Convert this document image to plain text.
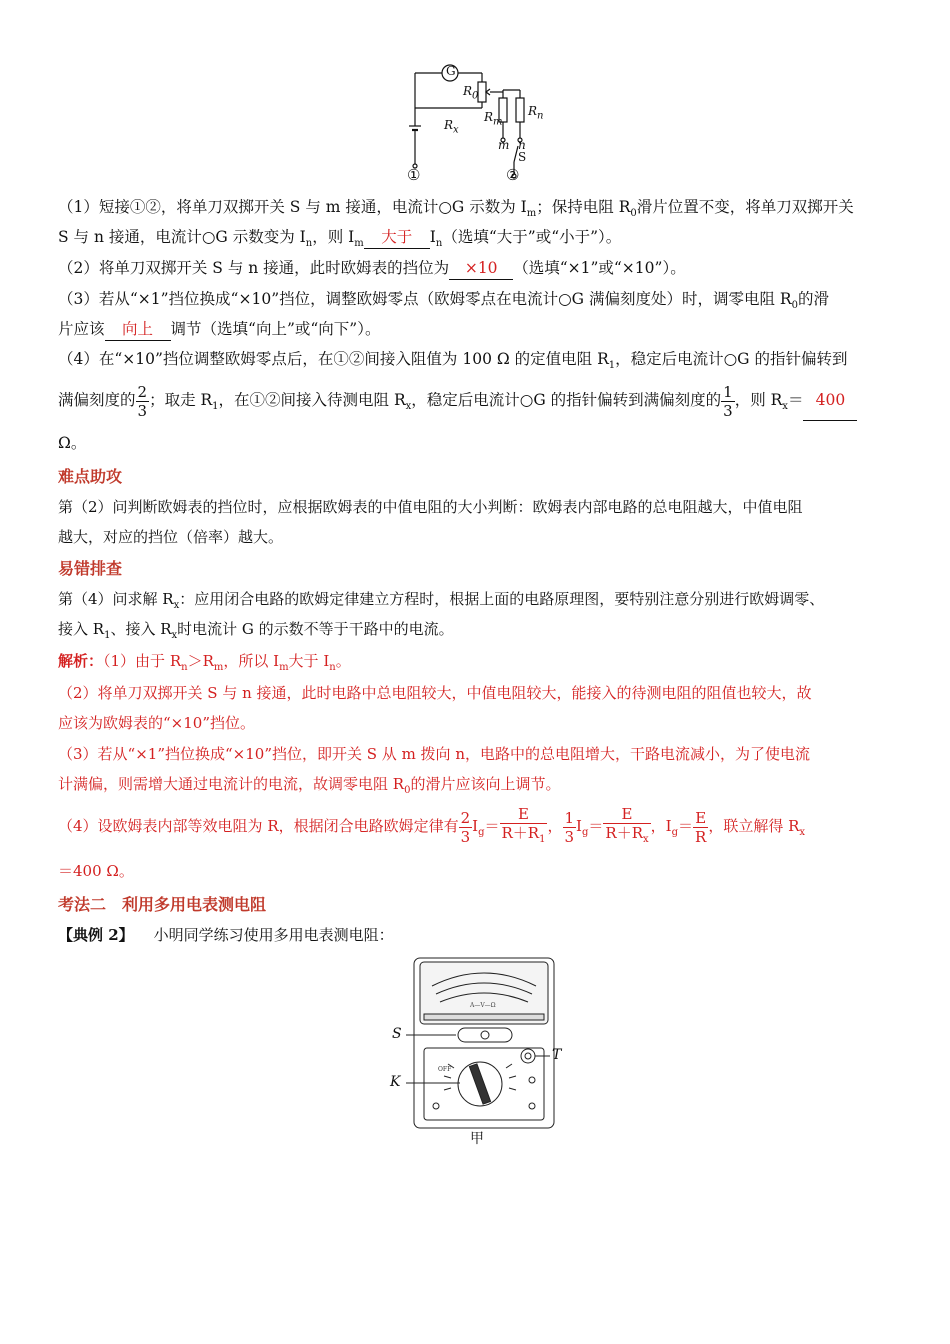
G
$R_0$
$R_x$
$R_m$
$R_n$
m n
S
①	②
（1）短接①②，将单刀双掷开关 S 与 m 接通，电流计○G 示数为 $I_m$；保持电阻 $R_0$滑片位置不变，将单刀双掷开关
S 与 n 接通，电流计○G 示数变为 $I_n$，则 $I_m$ 大于 $I_n$（选填“大于”或“小于”）。
（2）将单刀双掷开关 S 与 n 接通，此时欧姆表的挡位为 ×10 （选填“×1”或“×10”）。
（3）若从“×1”挡位换成“×10”挡位，调整欧姆零点（欧姆零点在电流计○G 满偏刻度处）时，调零电阻 $R_0$的滑
片应该 向上 调节（选填“向上”或“向下”）。
（4）在“×10”挡位调整欧姆零点后，在①②间接入阻值为 100 Ω 的定值电阻 $R_1$，稳定后电流计○G 的指针偏转到
满偏刻度的 $\frac{2}{3}$ ；取走 $R_1$，在①②间接入待测电阻 $R_x$，稳定后电流计○G 的指针偏转到满偏刻度的 $\frac{1}{3}$ ，则 $R_x= 400$
Ω。
难点助攻
第（2）问判断欧姆表的挡位时，应根据欧姆表的中值电阻的大小判断：欧姆表内部电路的总电阻越大，中值电阻
越大，对应的挡位（倍率）越大。
易错排查
第（4）问求解 $R_x$：应用闭合电路的欧姆定律建立方程时，根据上面的电路原理图，要特别注意分别进行欧姆调零、
接入 $R_1$、接入 $R_x$时电流计 G 的示数不等于干路中的电流。
解析：（1）由于 $R_n>R_m$，所以 $I_m$大于 $I_n$。
（2）将单刀双掷开关 S 与 n 接通，此时电路中总电阻较大，中值电阻较大，能接入的待测电阻的阻值也较大，故
应该为欧姆表的“×10”挡位。
（3）若从“×1”挡位换成“×10”挡位，即开关 S 从 m 拨向 n，电路中的总电阻增大，干路电流减小，为了使电流
计满偏，则需增大通过电流计的电流，故调零电阻 $R_0$的滑片应该向上调节。
（4）设欧姆表内部等效电阻为 R，根据闭合电路欧姆定律有 $\frac{2}{3} I_g= \frac{E}{R+R_1}$ ， $\frac{1}{3} I_g= \frac{E}{R+R_x}$ ，$I_g= \frac{E}{R}$ ，联立解得 $R_x$
＝400 Ω。
考法二　利用多用电表测电阻
【典例 2】 小明同学练习使用多用电表测电阻：
A—V—Ω
OFF
S
K
T
甲
